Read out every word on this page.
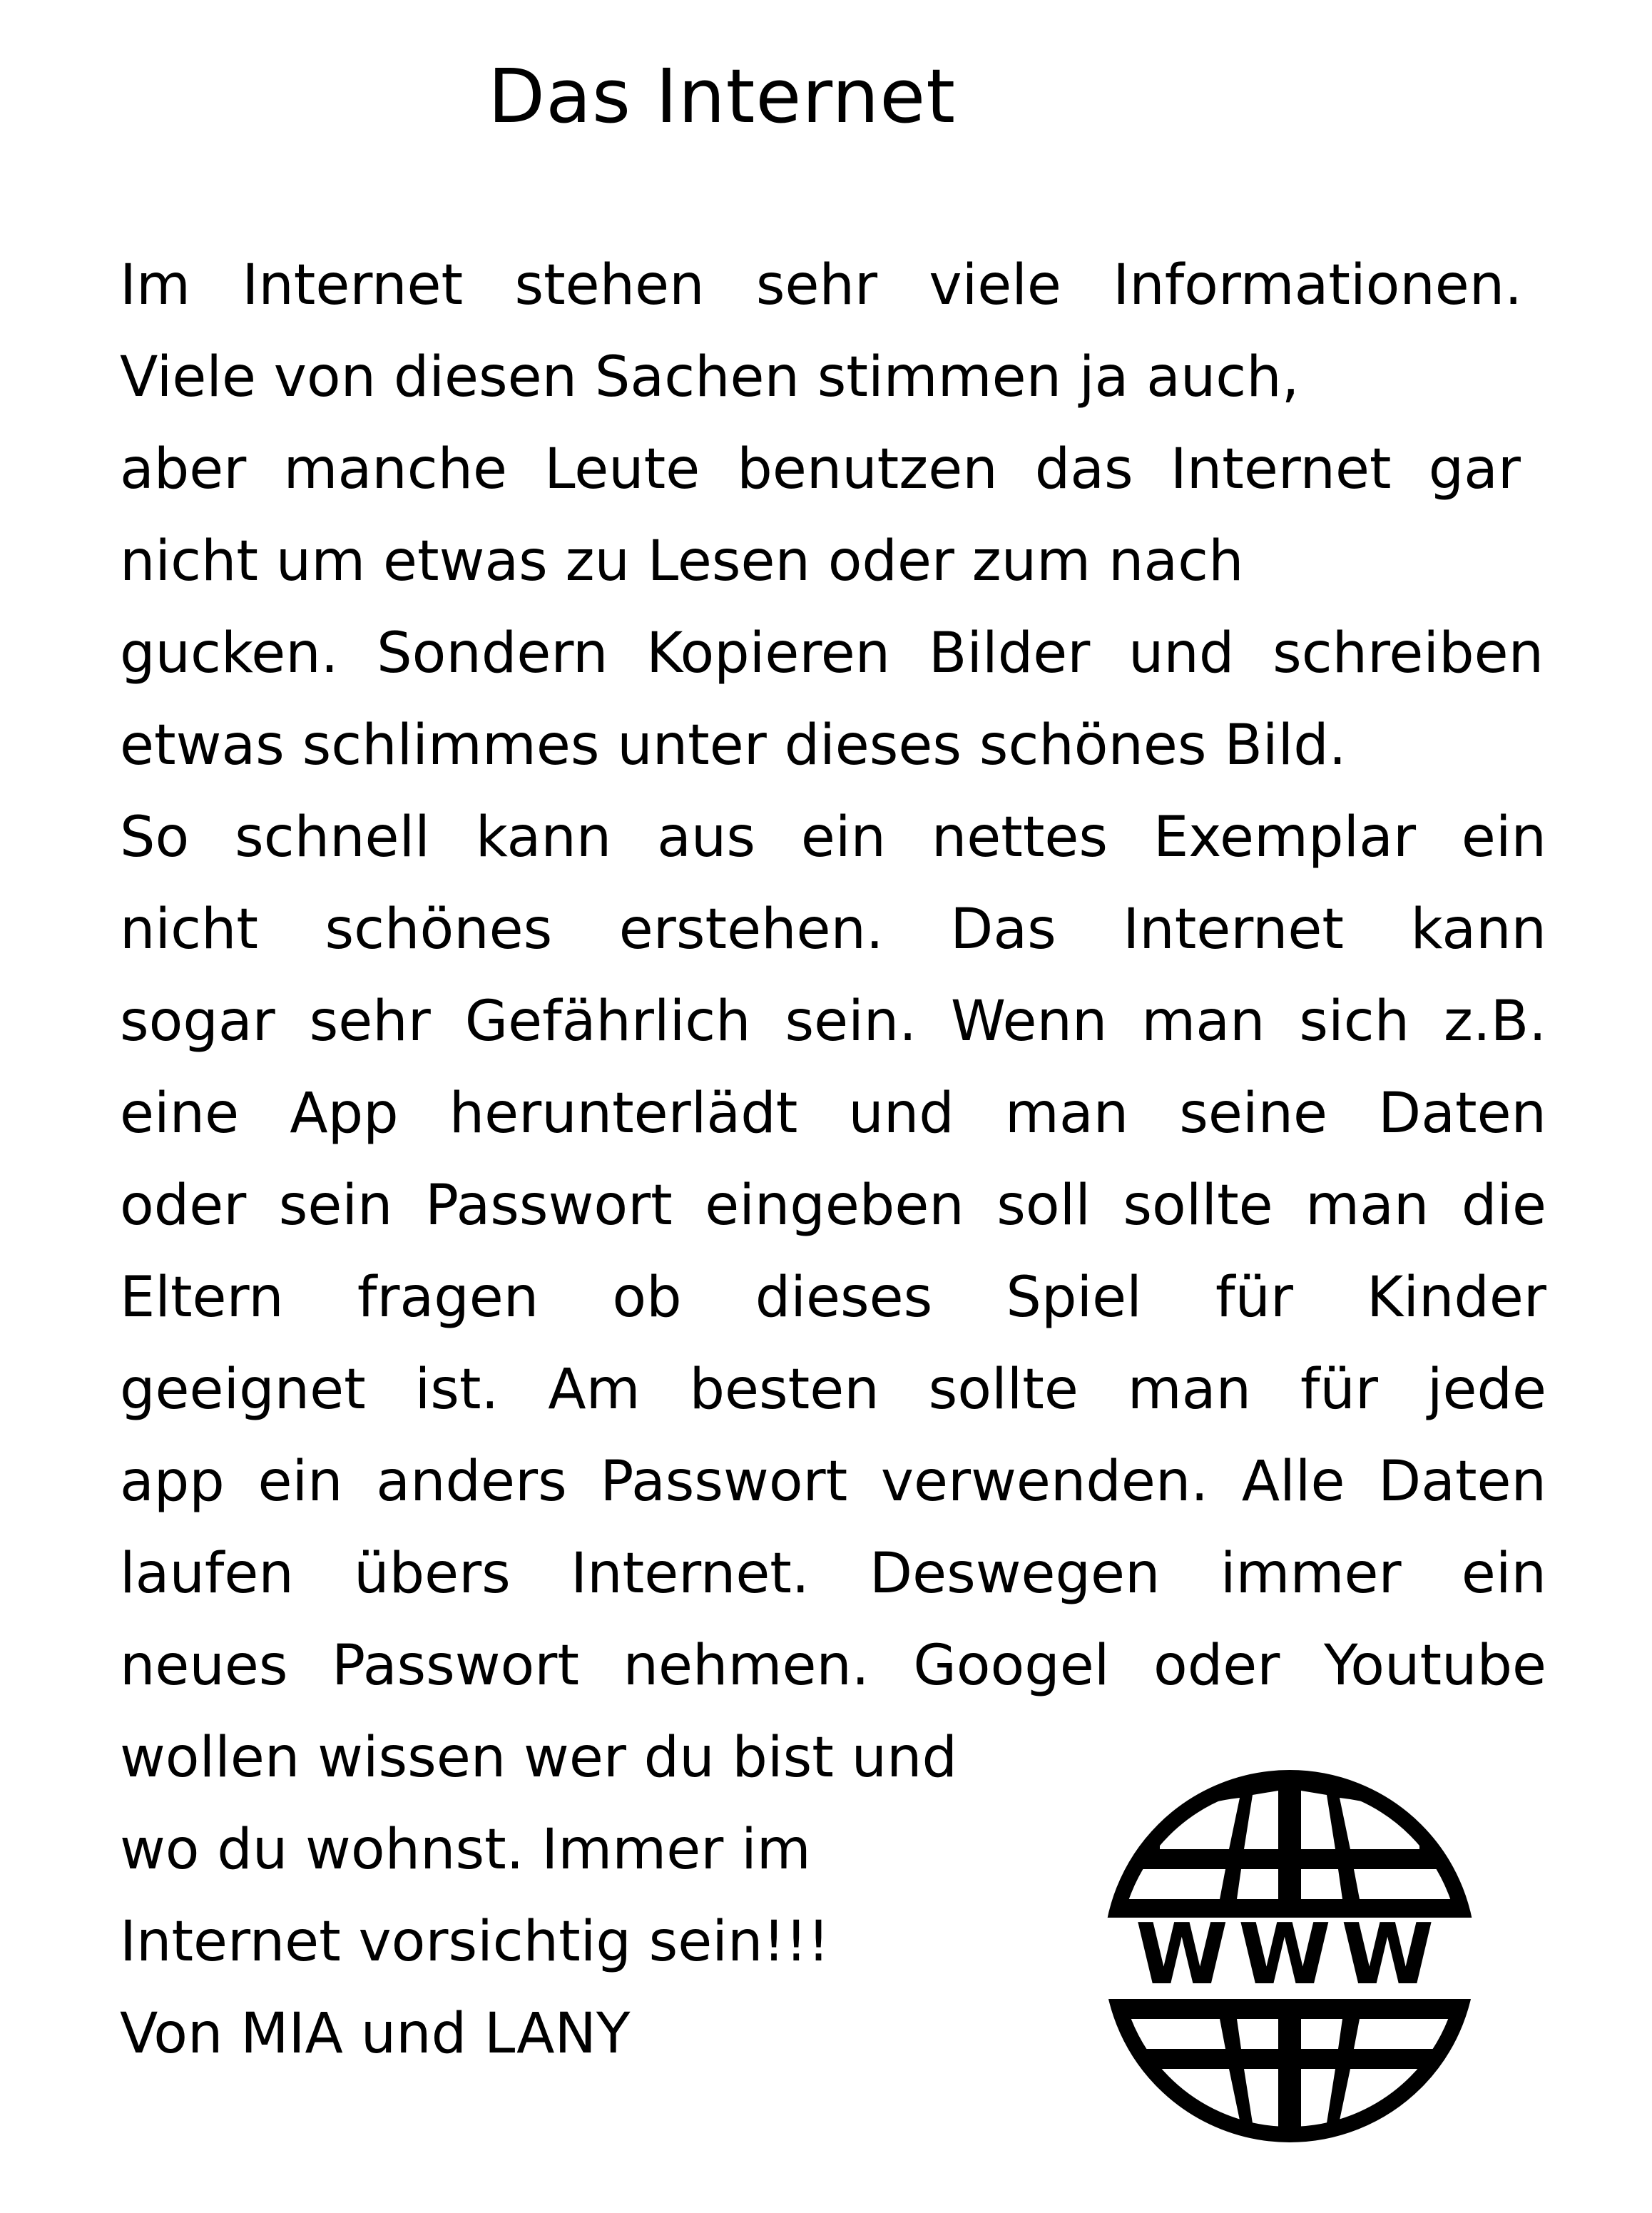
Das Internet
Im Internet stehen sehr viele Informationen.
Viele von diesen Sachen stimmen ja auch,
aber manche Leute benutzen das Internet gar
nicht um etwas zu Lesen oder zum nach
gucken. Sondern Kopieren Bilder und schreiben
etwas schlimmes unter dieses schönes Bild.
So schnell kann aus ein nettes Exemplar ein
nicht schönes erstehen. Das Internet kann
sogar sehr Gefährlich sein. Wenn man sich z.B.
eine App herunterlädt und man seine Daten
oder sein Passwort eingeben soll sollte man die
Eltern fragen ob dieses Spiel für Kinder
geeignet ist. Am besten sollte man für jede
app ein anders Passwort verwenden. Alle Daten
laufen übers Internet. Deswegen immer ein
neues Passwort nehmen. Googel oder Youtube
wollen wissen wer du bist und
wo du wohnst. Immer im
Internet vorsichtig sein!!!
Von MIA und LANY
WWW
